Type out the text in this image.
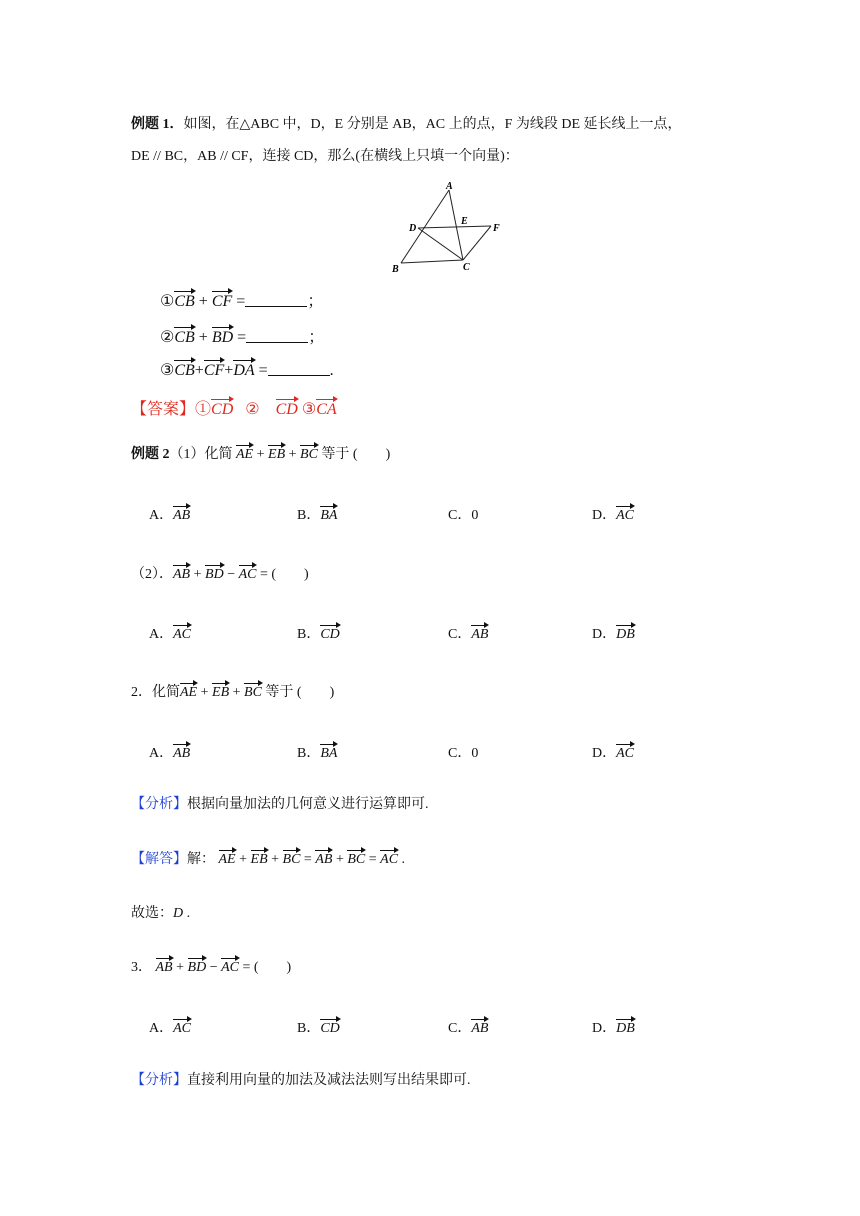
例题 1．如图，在△ABC 中，D，E 分别是 AB，AC 上的点，F 为线段 DE 延长线上一点，
DE // BC，AB // CF，连接 CD，那么(在横线上只填一个向量)：
A
E
D	F
B	C
①CB + CF =	；
②CB + BD =	；
③CB+CF+DA =	.
【答案】①CD ② CD ③CA
例题 2（1）化简 AE + EB + BC 等于 (　　)
A．AB	B．BA	C．0	D．AC
（2）．AB + BD − AC = (　　)
A．AC	B．CD	C．AB	D．DB
2．化简AE + EB + BC 等于 (　　)
A．AB	B．BA	C．0	D．AC
【分析】根据向量加法的几何意义进行运算即可.
【解答】解： AE + EB + BC = AB + BC = AC .
故选：D .
3． AB + BD − AC = (　　)
A．AC	B．CD	C．AB	D．DB
【分析】直接利用向量的加法及减法法则写出结果即可.
